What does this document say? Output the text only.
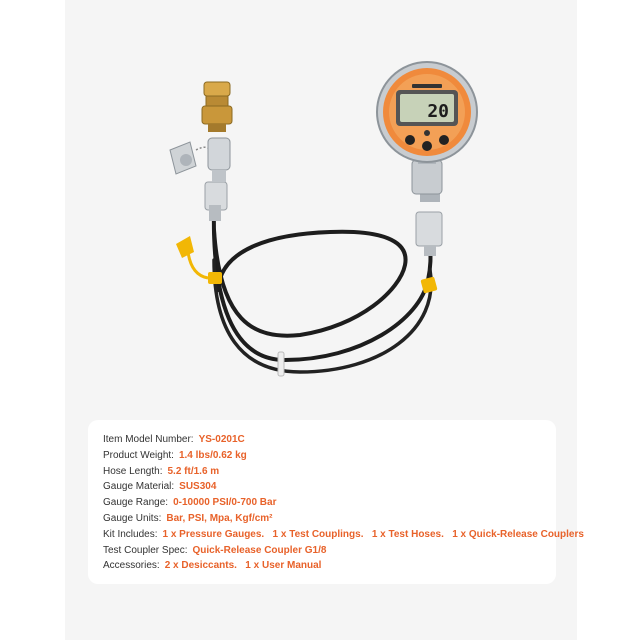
20
Item Model Number: YS-0201C
Product Weight: 1.4 lbs/0.62 kg
Hose Length: 5.2 ft/1.6 m
Gauge Material: SUS304
Gauge Range: 0-10000 PSI/0-700 Bar
Gauge Units: Bar, PSI, Mpa, Kgf/cm²
Kit Includes: 1 x Pressure Gauges.   1 x Test Couplings.   1 x Test Hoses.   1 x Quick-Release Couplers
Test Coupler Spec: Quick-Release Coupler G1/8
Accessories: 2 x Desiccants.   1 x User Manual
